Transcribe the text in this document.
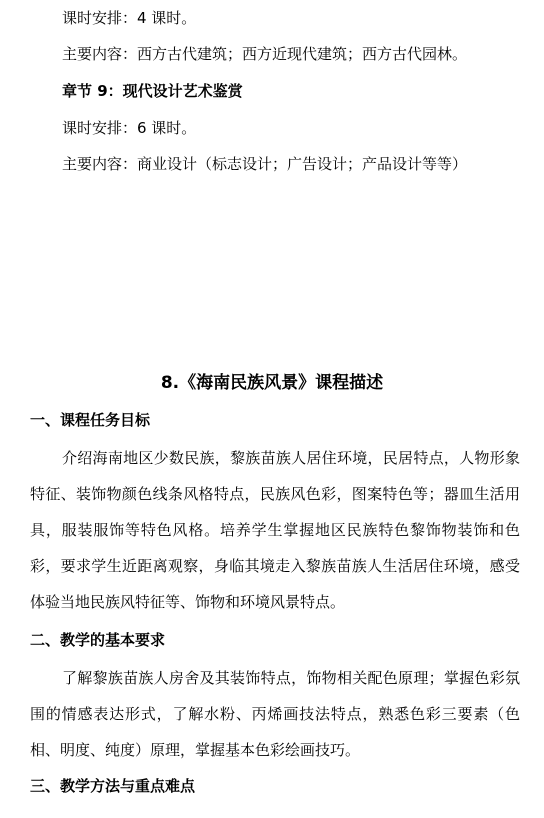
课时安排：4 课时。
主要内容：西方古代建筑；西方近现代建筑；西方古代园林。
章节 9：现代设计艺术鉴赏
课时安排：6 课时。
主要内容：商业设计（标志设计；广告设计；产品设计等等）
8.《海南民族风景》课程描述
一、课程任务目标
介绍海南地区少数民族，黎族苗族人居住环境，民居特点，人物形象特征、装饰物颜色线条风格特点，民族风色彩，图案特色等；器皿生活用具，服装服饰等特色风格。培养学生掌握地区民族特色黎饰物装饰和色彩，要求学生近距离观察，身临其境走入黎族苗族人生活居住环境，感受体验当地民族风特征等、饰物和环境风景特点。
二、教学的基本要求
了解黎族苗族人房舍及其装饰特点，饰物相关配色原理；掌握色彩氛围的情感表达形式，了解水粉、丙烯画技法特点，熟悉色彩三要素（色相、明度、纯度）原理，掌握基本色彩绘画技巧。
三、教学方法与重点难点
